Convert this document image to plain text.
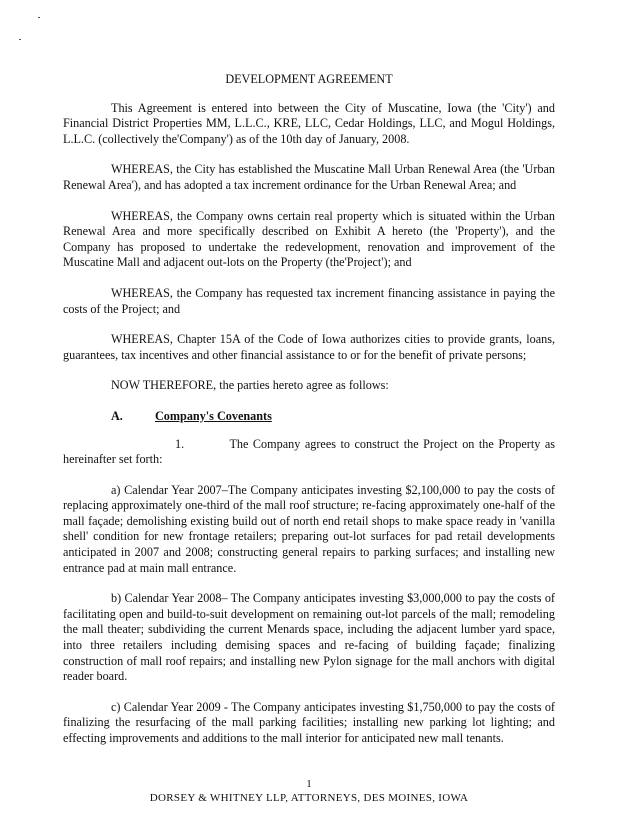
DEVELOPMENT AGREEMENT
This Agreement is entered into between the City of Muscatine, Iowa (the 'City') and Financial District Properties MM, L.L.C., KRE, LLC, Cedar Holdings, LLC, and Mogul Holdings, L.L.C. (collectively the'Company') as of the 10th day of January, 2008.
WHEREAS, the City has established the Muscatine Mall Urban Renewal Area (the 'Urban Renewal Area'), and has adopted a tax increment ordinance for the Urban Renewal Area; and
WHEREAS, the Company owns certain real property which is situated within the Urban Renewal Area and more specifically described on Exhibit A hereto (the 'Property'), and the Company has proposed to undertake the redevelopment, renovation and improvement of the Muscatine Mall and adjacent out-lots on the Property (the'Project'); and
WHEREAS, the Company has requested tax increment financing assistance in paying the costs of the Project; and
WHEREAS, Chapter 15A of the Code of Iowa authorizes cities to provide grants, loans, guarantees, tax incentives and other financial assistance to or for the benefit of private persons;
NOW THEREFORE, the parties hereto agree as follows:
A.	Company's Covenants
1.          The Company agrees to construct the Project on the Property as hereinafter set forth:
a) Calendar Year 2007–The Company anticipates investing $2,100,000 to pay the costs of replacing approximately one-third of the mall roof structure; re-facing approximately one-half of the mall façade; demolishing existing build out of north end retail shops to make space ready in 'vanilla shell' condition for new frontage retailers; preparing out-lot surfaces for pad retail developments anticipated in 2007 and 2008; constructing general repairs to parking surfaces; and installing new entrance pad at main mall entrance.
b) Calendar Year 2008– The Company anticipates investing $3,000,000 to pay the costs of facilitating open and build-to-suit development on remaining out-lot parcels of the mall; remodeling the mall theater; subdividing the current Menards space, including the adjacent lumber yard space, into three retailers including demising spaces and re-facing of building façade; finalizing construction of mall roof repairs; and installing new Pylon signage for the mall anchors with digital reader board.
c) Calendar Year 2009 - The Company anticipates investing $1,750,000 to pay the costs of finalizing the resurfacing of the mall parking facilities; installing new parking lot lighting; and effecting improvements and additions to the mall interior for anticipated new mall tenants.
1
DORSEY & WHITNEY LLP, ATTORNEYS, DES MOINES, IOWA
